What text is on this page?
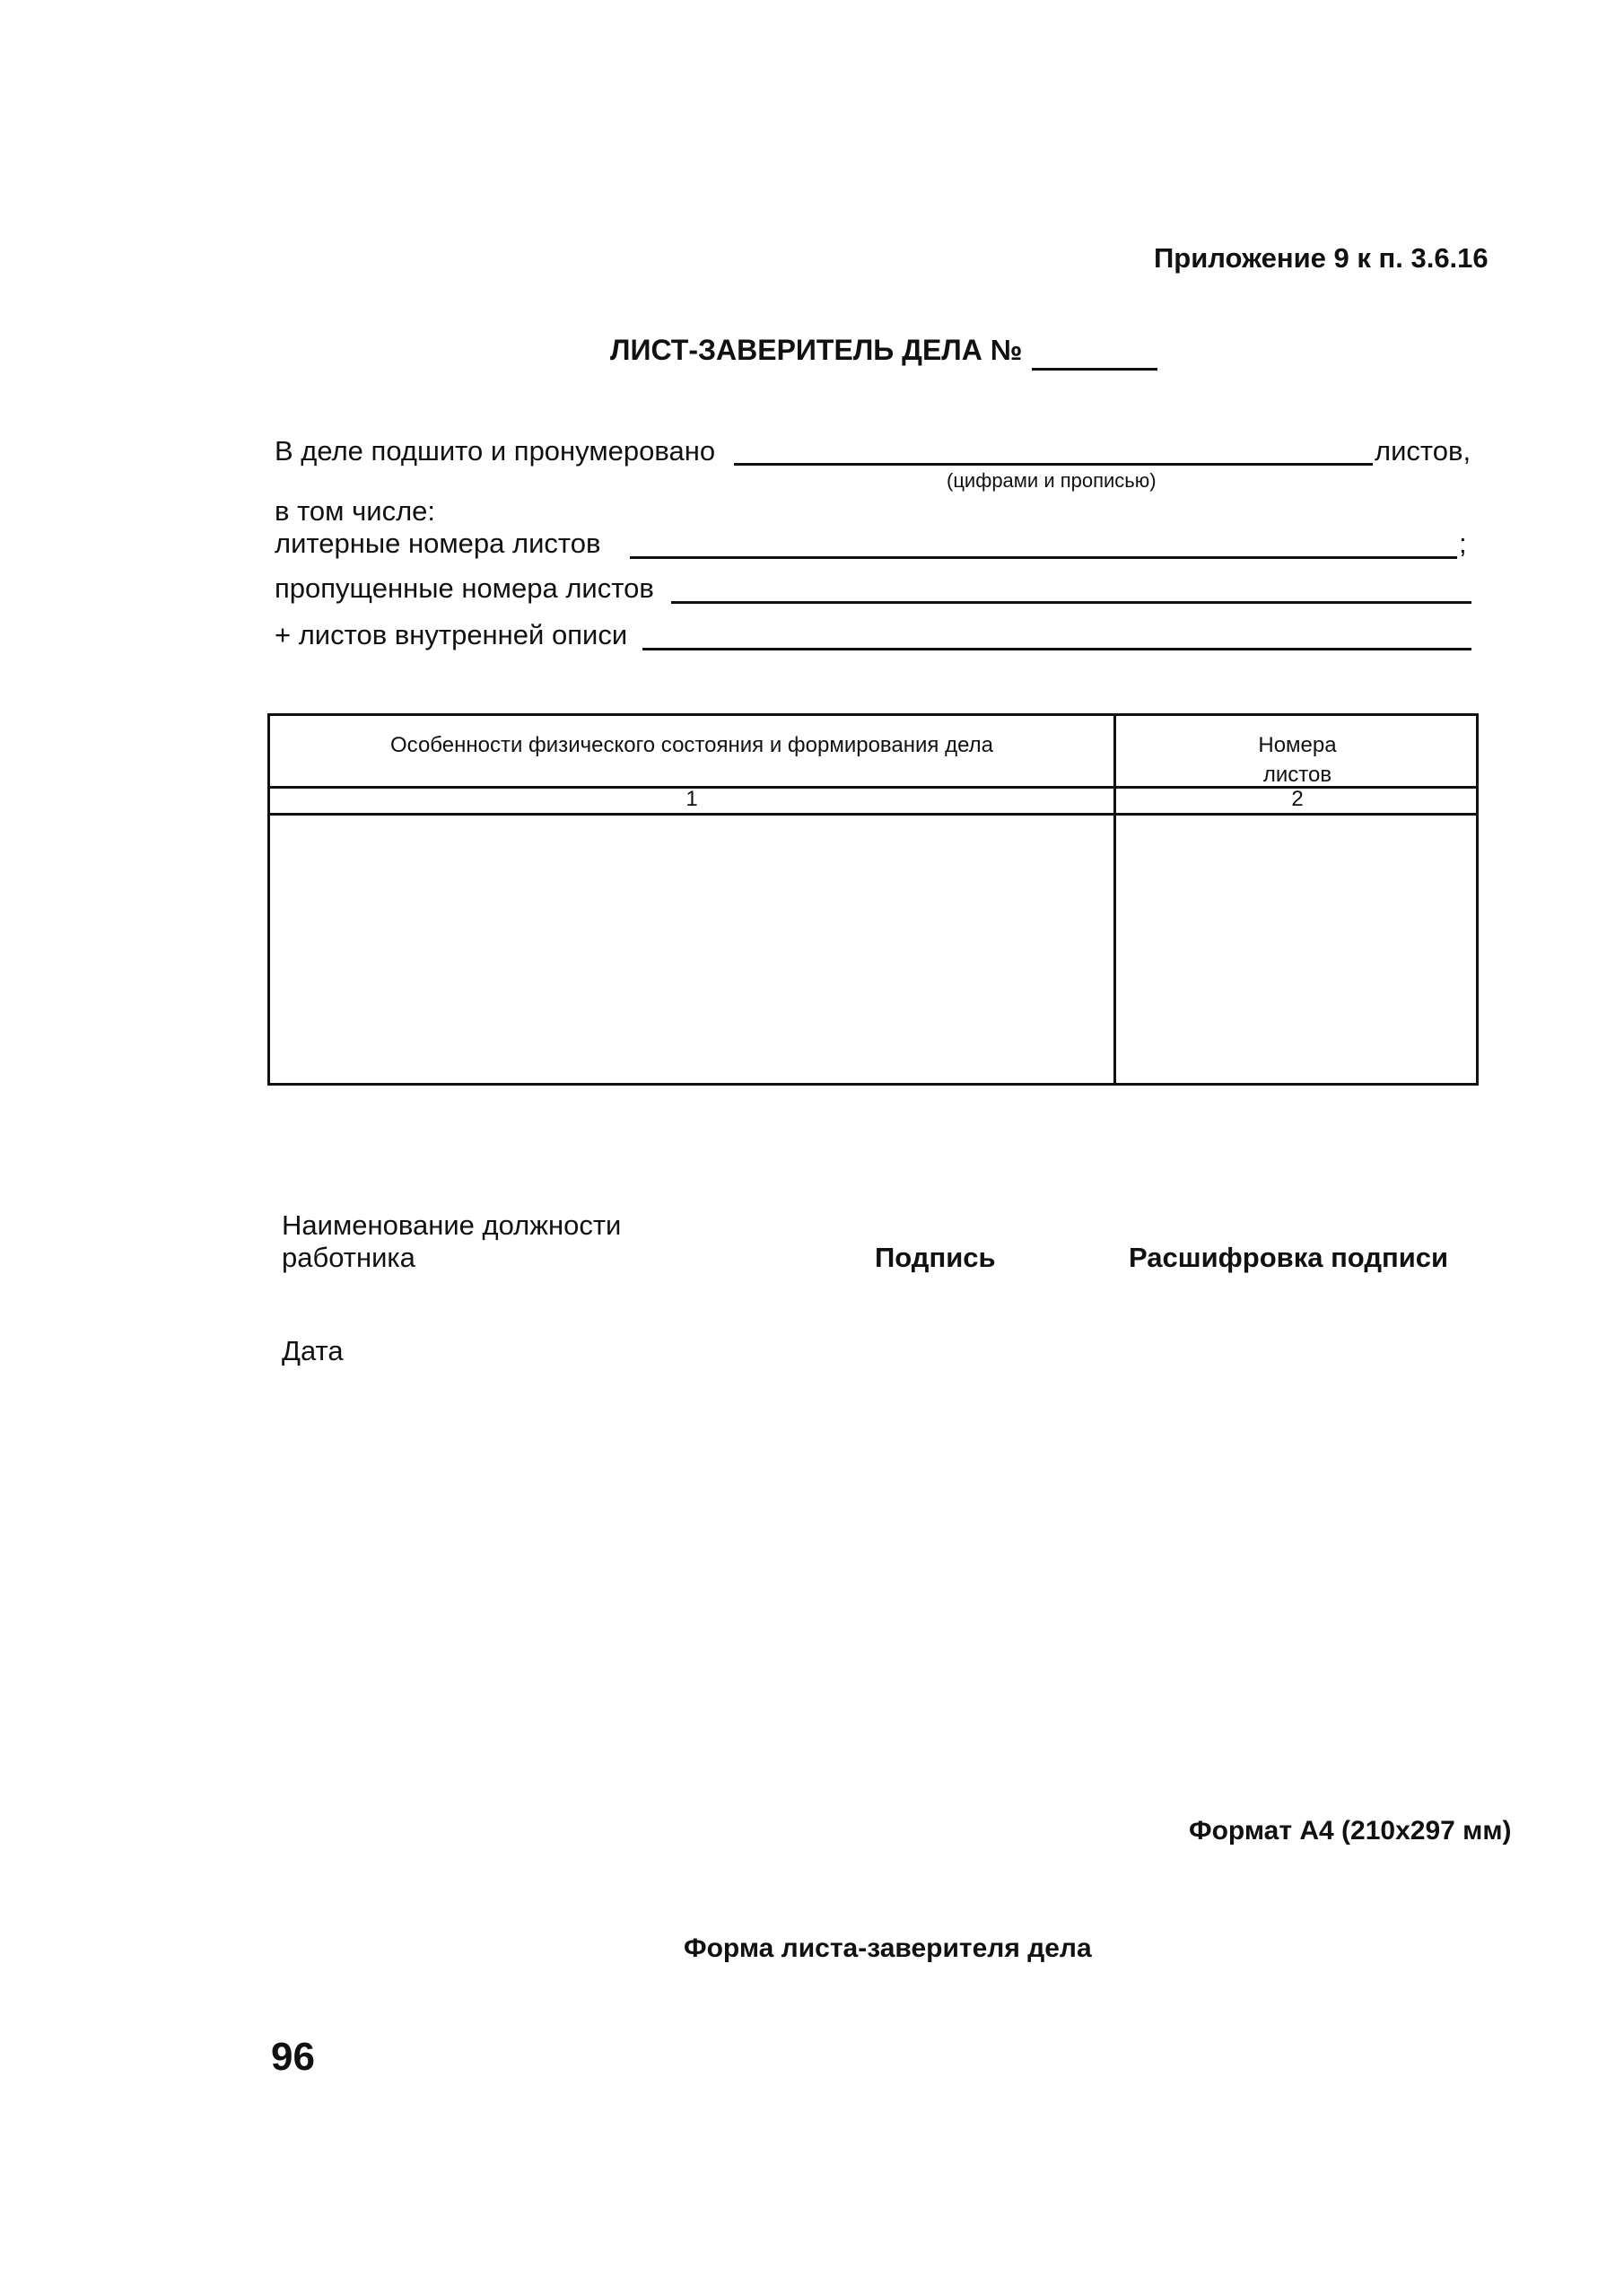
Приложение 9 к п. 3.6.16
ЛИСТ-ЗАВЕРИТЕЛЬ ДЕЛА №
В деле подшито и пронумеровано	листов,
(цифрами и прописью)
в том числе:
литерные номера листов	;
пропущенные номера листов
+ листов внутренней описи
Особенности физического состояния и формирования дела	Номера
листов
1	2
Наименование должности
работника	Подпись	Расшифровка подписи
Дата
Формат А4 (210х297 мм)
Форма листа-заверителя дела
96
